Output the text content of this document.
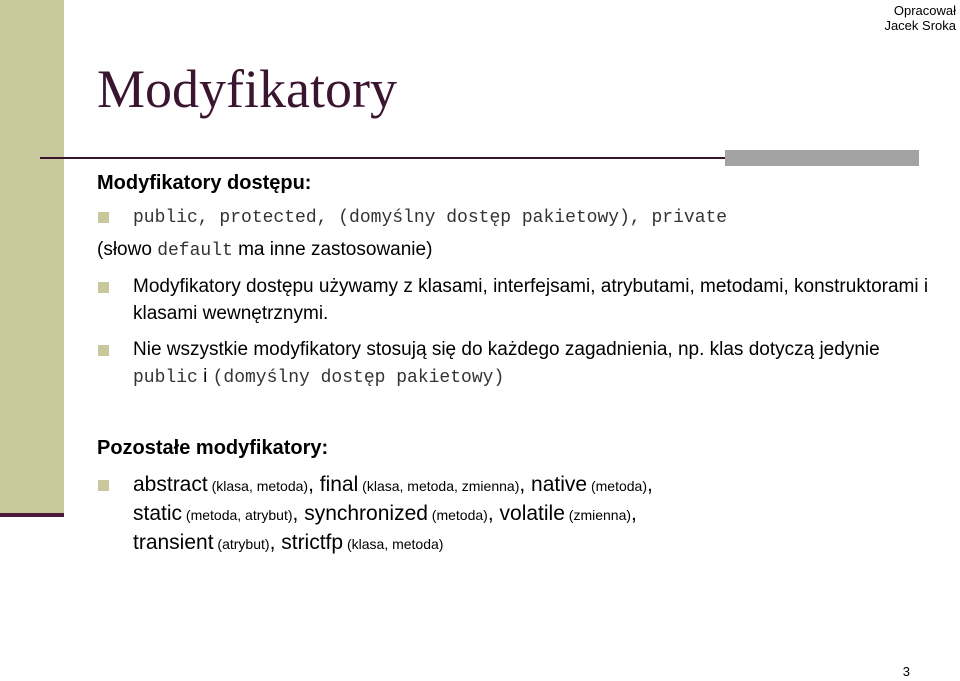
Opracował
Jacek Sroka
Modyfikatory

Modyfikatory dostępu:

public, protected, (domyślny dostęp pakietowy), private

(słowo default ma inne zastosowanie)

Modyfikatory dostępu używamy z klasami, interfejsami, atrybutami, metodami, konstruktorami i klasami wewnętrznymi.

Nie wszystkie modyfikatory stosują się do każdego zagadnienia, np. klas dotyczą jedynie public i (domyślny dostęp pakietowy)

Pozostałe modyfikatory:

abstract (klasa, metoda), final (klasa, metoda, zmienna), native (metoda),
static (metoda, atrybut), synchronized (metoda), volatile (zmienna),
transient (atrybut), strictfp (klasa, metoda)

3
